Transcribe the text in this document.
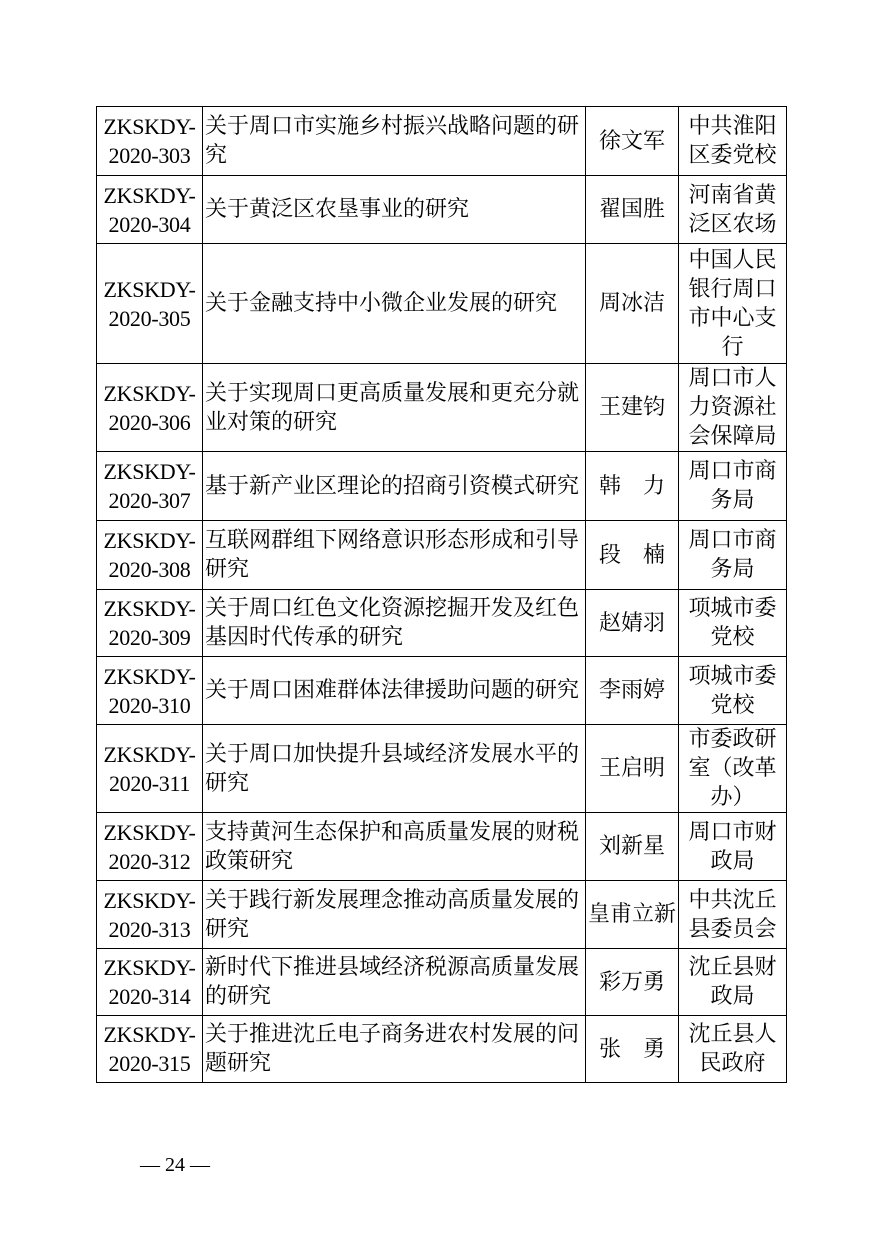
ZKSKDY-
2020-303	关于周口市实施乡村振兴战略问题的研究	徐文军	中共淮阳区委党校

ZKSKDY-
2020-304	关于黄泛区农垦事业的研究	翟国胜	河南省黄泛区农场

ZKSKDY-
2020-305	关于金融支持中小微企业发展的研究	周冰洁	中国人民银行周口市中心支行

ZKSKDY-
2020-306	关于实现周口更高质量发展和更充分就业对策的研究	王建钧	周口市人力资源社会保障局

ZKSKDY-
2020-307	基于新产业区理论的招商引资模式研究	韩　力	周口市商务局

ZKSKDY-
2020-308	互联网群组下网络意识形态形成和引导研究	段　楠	周口市商务局

ZKSKDY-
2020-309	关于周口红色文化资源挖掘开发及红色基因时代传承的研究	赵婧羽	项城市委党校

ZKSKDY-
2020-310	关于周口困难群体法律援助问题的研究	李雨婷	项城市委党校

ZKSKDY-
2020-311	关于周口加快提升县域经济发展水平的研究	王启明	市委政研室（改革办）

ZKSKDY-
2020-312	支持黄河生态保护和高质量发展的财税政策研究	刘新星	周口市财政局

ZKSKDY-
2020-313	关于践行新发展理念推动高质量发展的研究	皇甫立新	中共沈丘县委员会

ZKSKDY-
2020-314	新时代下推进县域经济税源高质量发展的研究	彩万勇	沈丘县财政局

ZKSKDY-
2020-315	关于推进沈丘电子商务进农村发展的问题研究	张　勇	沈丘县人民政府
— 24 —
